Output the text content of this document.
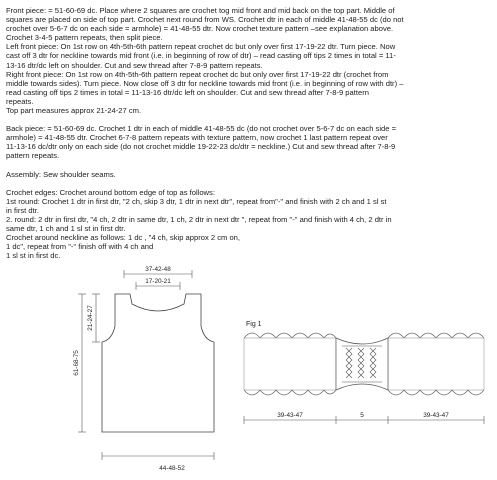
Front piece: = 51-60-69 dc. Place where 2 squares are crochet tog mid front and mid back on the top part. Middle of

squares are placed on side of top part. Crochet next round from WS. Crochet dtr in each of middle 41-48-55 dc (do not

crochet over 5-6-7 dc on each side = armhole) = 41-48-55 dtr. Now crochet texture pattern –see explanation above.

Crochet 3-4-5 pattern repeats, then split piece.

Left front piece: On 1st row on 4th-5th-6th pattern repeat crochet dc but only over first 17-19-22 dtr. Turn piece. Now

cast off 3 dtr for neckline towards mid front (i.e. in beginning of row of dtr) – read casting off tips 2 times in total = 11-

13-16 dtr/dc left on shoulder. Cut and sew thread after 7-8-9 pattern repeats.

Right front piece: On 1st row on 4th-5th-6th pattern repeat crochet dc but only over first 17-19-22 dtr (crochet from

middle towards sides). Turn piece. Now close off 3 dtr for neckline towards mid front (i.e. in beginning of row with dtr) –

read casting off tips 2 times in total = 11-13-16 dtr/dc left on shoulder. Cut and sew thread after 7-8-9 pattern

repeats.

Top part measures approx 21-24-27 cm.

Back piece: = 51-60-69 dc. Crochet 1 dtr in each of middle 41-48-55 dc (do not crochet over 5-6-7 dc on each side =

armhole) = 41-48-55 dtr. Crochet 6-7-8 pattern repeats with texture pattern, now crochet 1 last pattern repeat over

11-13-16 dc/dtr only on each side (do not crochet middle 19-22-23 dc/dtr = neckline.) Cut and sew thread after 7-8-9

pattern repeats.

Assembly: Sew shoulder seams.

Crochet edges: Crochet around bottom edge of top as follows:

1st round: Crochet 1 dtr in first dtr, "2 ch, skip 3 dtr, 1 dtr in next dtr", repeat from"-" and finish with 2 ch and 1 sl st

in first dtr.

2. round: 2 dtr in first dtr, "4 ch, 2 dtr in same dtr, 1 ch, 2 dtr in next dtr ", repeat from "-" and finish with 4 ch, 2 dtr in

same dtr, 1 ch and 1 sl st in first dtr.

Crochet around neckline as follows: 1 dc , "4 ch, skip approx 2 cm on,

1 dc", repeat from "-" finish off with 4 ch and

1 sl st in first dc.

37-42-48
17-20-21
21-24-27
61-68-75
44-48-52
Fig 1
39-43-47	5	39-43-47
